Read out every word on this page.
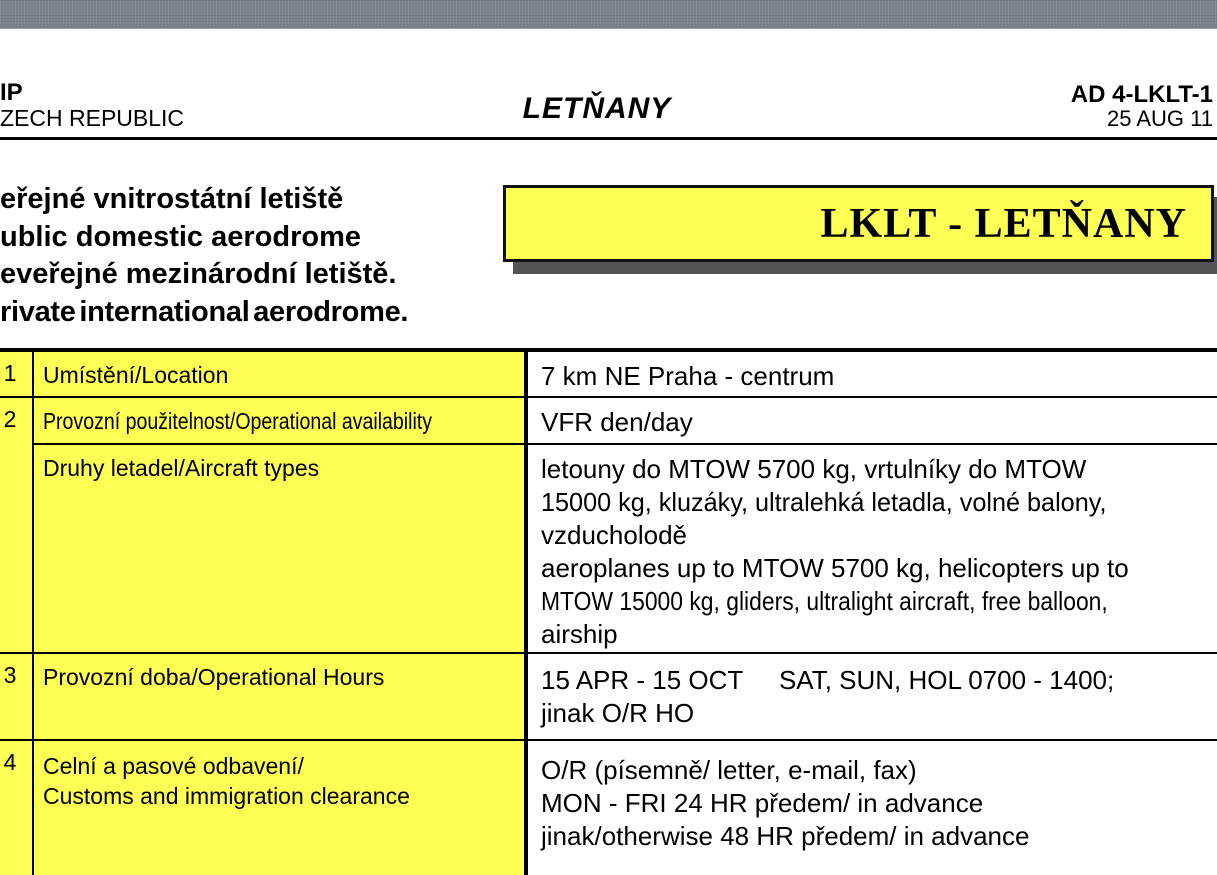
IP
ZECH REPUBLIC	LETŇANY	AD 4-LKLT-1
25 AUG 11
eřejné vnitrostátní letiště
ublic domestic aerodrome
eveřejné mezinárodní letiště.
rivate international aerodrome.
LKLT - LETŇANY
1	Umístění/Location	7 km NE Praha - centrum

2	Provozní použitelnost/Operational availability	VFR den/day

Druhy letadel/Aircraft types	letouny do MTOW 5700 kg, vrtulníky do MTOW
15000 kg, kluzáky, ultralehká letadla, volné balony,
vzducholodě
aeroplanes up to MTOW 5700 kg, helicopters up to
MTOW 15000 kg, gliders, ultralight aircraft, free balloon,
airship

3	Provozní doba/Operational Hours	15 APR - 15 OCT     SAT, SUN, HOL 0700 - 1400;
jinak O/R HO

4	Celní a pasové odbavení/
Customs and immigration clearance	O/R (písemně/ letter, e-mail, fax)
MON - FRI 24 HR předem/ in advance
jinak/otherwise 48 HR předem/ in advance
